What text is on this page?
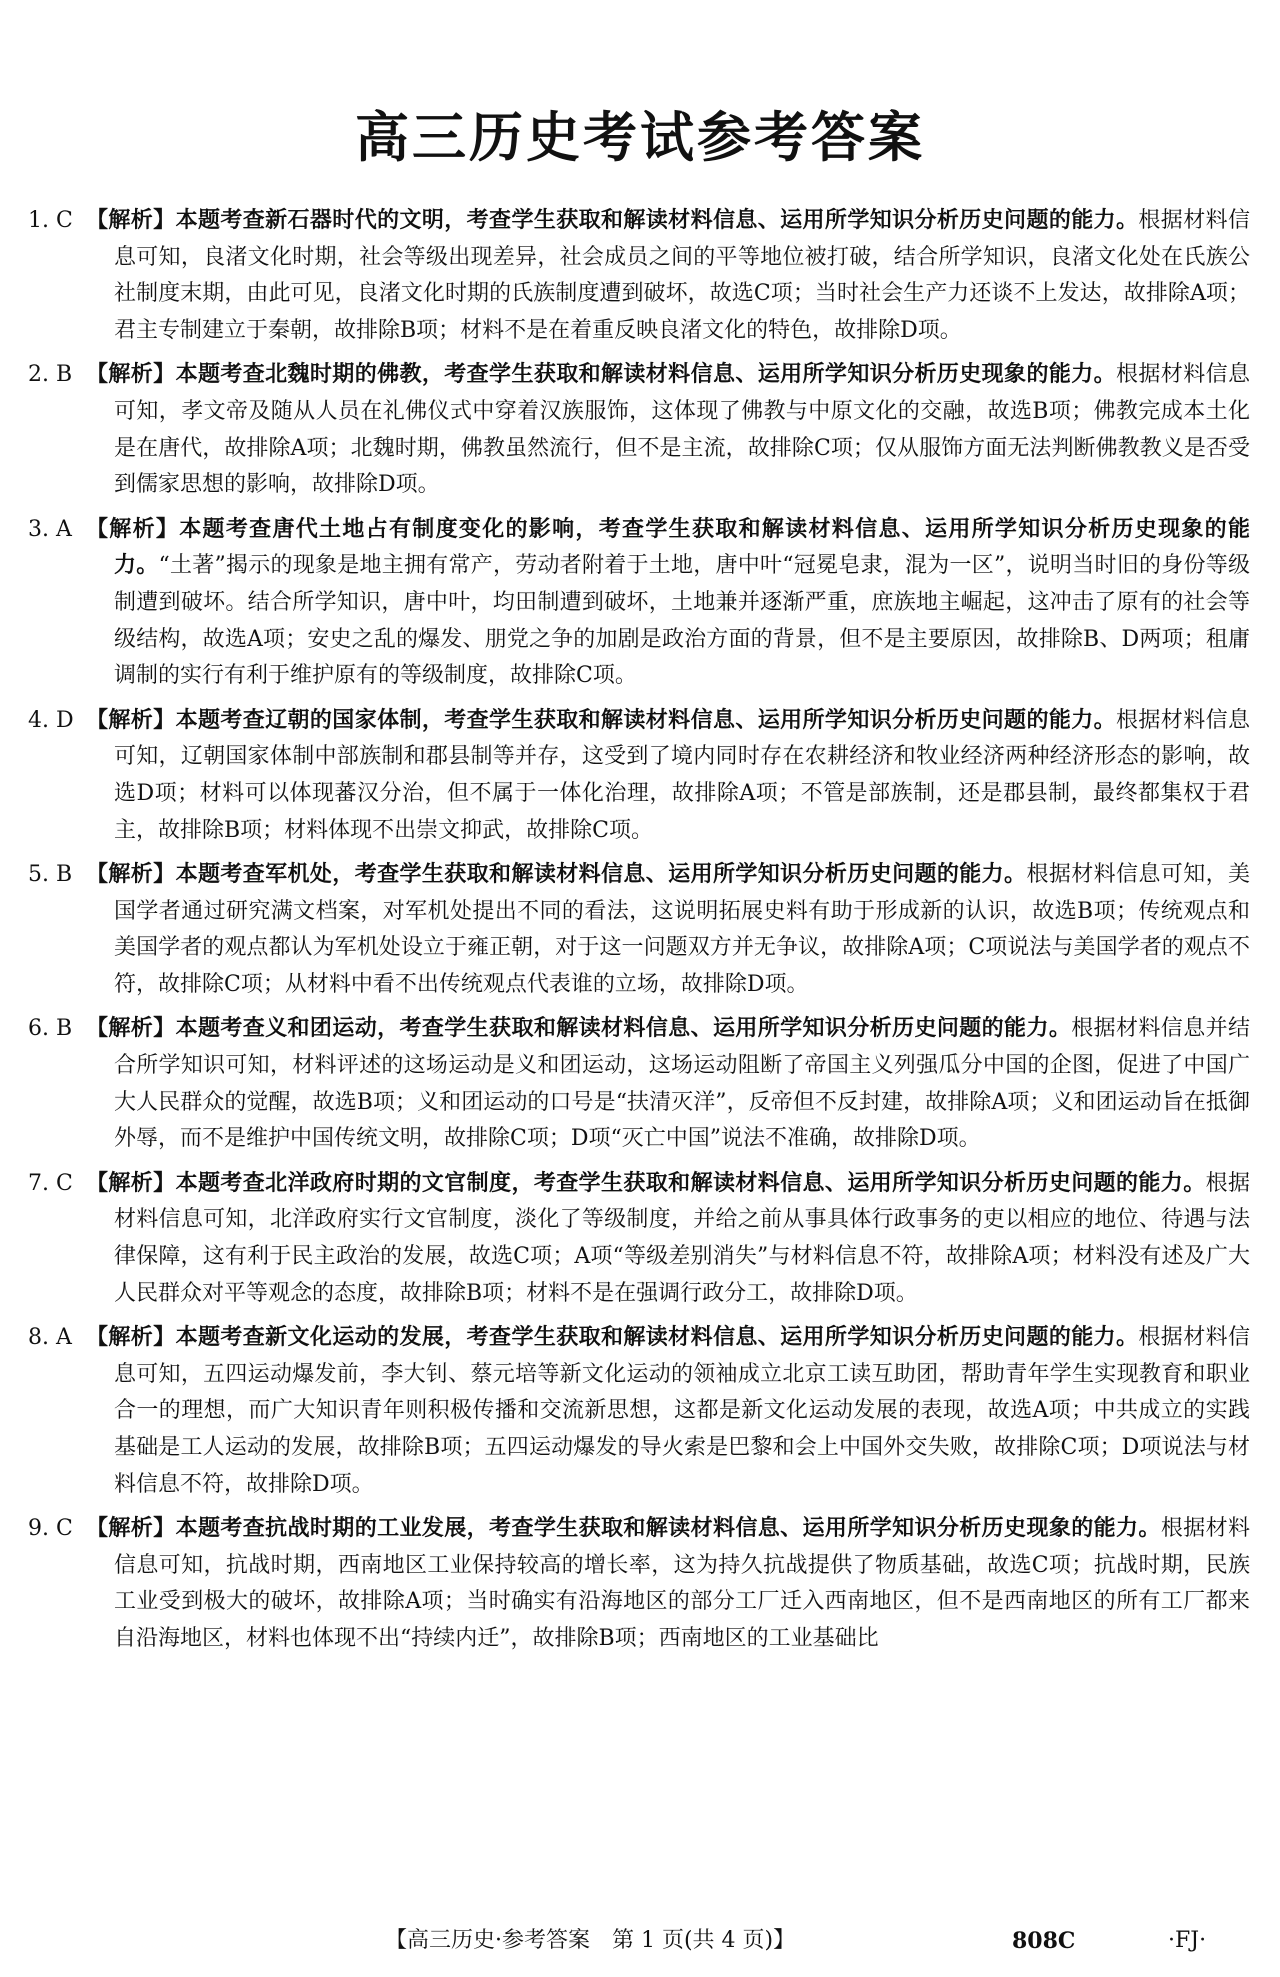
高三历史考试参考答案
1. C 【解析】本题考查新石器时代的文明，考查学生获取和解读材料信息、运用所学知识分析历史问题的能力。根据材料信息可知，良渚文化时期，社会等级出现差异，社会成员之间的平等地位被打破，结合所学知识，良渚文化处在氏族公社制度末期，由此可见，良渚文化时期的氏族制度遭到破坏，故选C项；当时社会生产力还谈不上发达，故排除A项；君主专制建立于秦朝，故排除B项；材料不是在着重反映良渚文化的特色，故排除D项。
2. B 【解析】本题考查北魏时期的佛教，考查学生获取和解读材料信息、运用所学知识分析历史现象的能力。根据材料信息可知，孝文帝及随从人员在礼佛仪式中穿着汉族服饰，这体现了佛教与中原文化的交融，故选B项；佛教完成本土化是在唐代，故排除A项；北魏时期，佛教虽然流行，但不是主流，故排除C项；仅从服饰方面无法判断佛教教义是否受到儒家思想的影响，故排除D项。
3. A 【解析】本题考查唐代土地占有制度变化的影响，考查学生获取和解读材料信息、运用所学知识分析历史现象的能力。“土著”揭示的现象是地主拥有常产，劳动者附着于土地，唐中叶“冠冕皂隶，混为一区”，说明当时旧的身份等级制遭到破坏。结合所学知识，唐中叶，均田制遭到破坏，土地兼并逐渐严重，庶族地主崛起，这冲击了原有的社会等级结构，故选A项；安史之乱的爆发、朋党之争的加剧是政治方面的背景，但不是主要原因，故排除B、D两项；租庸调制的实行有利于维护原有的等级制度，故排除C项。
4. D 【解析】本题考查辽朝的国家体制，考查学生获取和解读材料信息、运用所学知识分析历史问题的能力。根据材料信息可知，辽朝国家体制中部族制和郡县制等并存，这受到了境内同时存在农耕经济和牧业经济两种经济形态的影响，故选D项；材料可以体现蕃汉分治，但不属于一体化治理，故排除A项；不管是部族制，还是郡县制，最终都集权于君主，故排除B项；材料体现不出崇文抑武，故排除C项。
5. B 【解析】本题考查军机处，考查学生获取和解读材料信息、运用所学知识分析历史问题的能力。根据材料信息可知，美国学者通过研究满文档案，对军机处提出不同的看法，这说明拓展史料有助于形成新的认识，故选B项；传统观点和美国学者的观点都认为军机处设立于雍正朝，对于这一问题双方并无争议，故排除A项；C项说法与美国学者的观点不符，故排除C项；从材料中看不出传统观点代表谁的立场，故排除D项。
6. B 【解析】本题考查义和团运动，考查学生获取和解读材料信息、运用所学知识分析历史问题的能力。根据材料信息并结合所学知识可知，材料评述的这场运动是义和团运动，这场运动阻断了帝国主义列强瓜分中国的企图，促进了中国广大人民群众的觉醒，故选B项；义和团运动的口号是“扶清灭洋”，反帝但不反封建，故排除A项；义和团运动旨在抵御外辱，而不是维护中国传统文明，故排除C项；D项“灭亡中国”说法不准确，故排除D项。
7. C 【解析】本题考查北洋政府时期的文官制度，考查学生获取和解读材料信息、运用所学知识分析历史问题的能力。根据材料信息可知，北洋政府实行文官制度，淡化了等级制度，并给之前从事具体行政事务的吏以相应的地位、待遇与法律保障，这有利于民主政治的发展，故选C项；A项“等级差别消失”与材料信息不符，故排除A项；材料没有述及广大人民群众对平等观念的态度，故排除B项；材料不是在强调行政分工，故排除D项。
8. A 【解析】本题考查新文化运动的发展，考查学生获取和解读材料信息、运用所学知识分析历史问题的能力。根据材料信息可知，五四运动爆发前，李大钊、蔡元培等新文化运动的领袖成立北京工读互助团，帮助青年学生实现教育和职业合一的理想，而广大知识青年则积极传播和交流新思想，这都是新文化运动发展的表现，故选A项；中共成立的实践基础是工人运动的发展，故排除B项；五四运动爆发的导火索是巴黎和会上中国外交失败，故排除C项；D项说法与材料信息不符，故排除D项。
9. C 【解析】本题考查抗战时期的工业发展，考查学生获取和解读材料信息、运用所学知识分析历史现象的能力。根据材料信息可知，抗战时期，西南地区工业保持较高的增长率，这为持久抗战提供了物质基础，故选C项；抗战时期，民族工业受到极大的破坏，故排除A项；当时确实有沿海地区的部分工厂迁入西南地区，但不是西南地区的所有工厂都来自沿海地区，材料也体现不出“持续内迁”，故排除B项；西南地区的工业基础比
【高三历史·参考答案　第 1 页(共 4 页)】	808C	·FJ·
